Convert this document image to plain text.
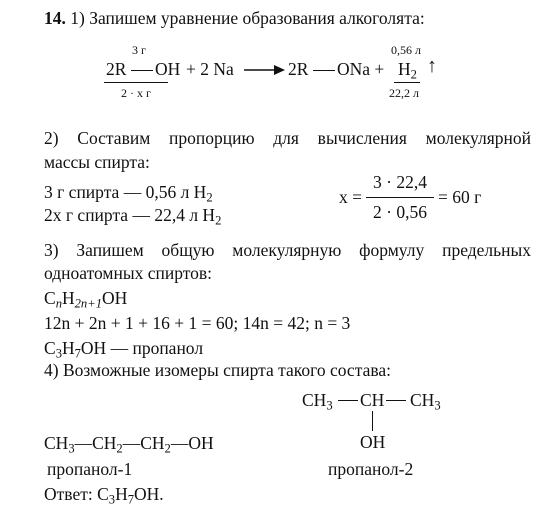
14. 1) Запишем уравнение образования алкоголята:
3 г
2R OH + 2 Na → 2R ONa + $H_2$ ↑
0,56 л
2 · x г	22,2 л
2) Составим пропорцию для вычисления молекулярной
массы спирта:
3 г спирта — 0,56 л $H_2$
2x г спирта — 22,4 л $H_2$
x =
3 · 22,4
2 · 0,56
= 60 г
3) Запишем общую молекулярную формулу предельных
одноатомных спиртов:
$C_nH_{2n+1}OH$
12n + 2n + 1 + 16 + 1 = 60; 14n = 42; n = 3
$C_3H_7OH$ — пропанол
4) Возможные изомеры спирта такого состава:
$CH_3$ CH $CH_3$
OH
$CH_3—CH_2—CH_2—OH$
пропанол-1	пропанол-2
Ответ: $C_3H_7OH$.
